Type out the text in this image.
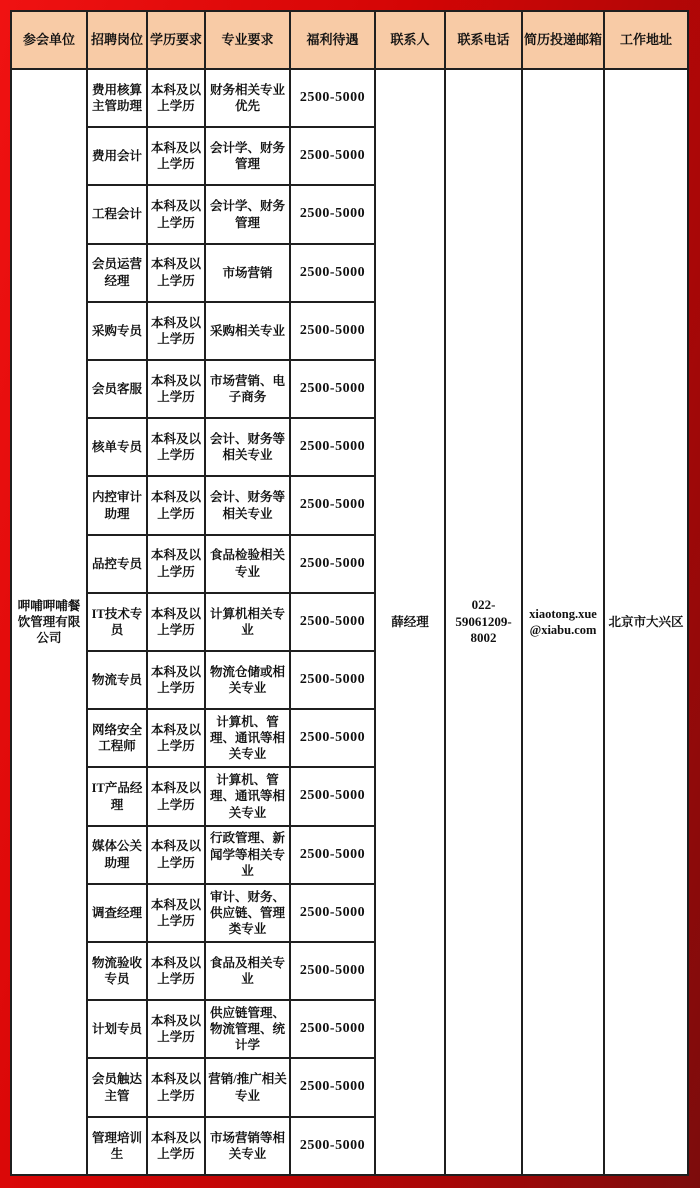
参会单位	招聘岗位	学历要求	专业要求	福利待遇	联系人	联系电话	简历投递邮箱	工作地址
呷哺呷哺餐饮管理有限公司	费用核算主管助理	本科及以上学历	财务相关专业优先	2500-5000	薛经理	022-59061209-8002	xiaotong.xue@xiabu.com	北京市大兴区
	费用会计	本科及以上学历	会计学、财务管理	2500-5000				
	工程会计	本科及以上学历	会计学、财务管理	2500-5000				
	会员运营经理	本科及以上学历	市场营销	2500-5000				
	采购专员	本科及以上学历	采购相关专业	2500-5000				
	会员客服	本科及以上学历	市场营销、电子商务	2500-5000				
	核单专员	本科及以上学历	会计、财务等相关专业	2500-5000				
	内控审计助理	本科及以上学历	会计、财务等相关专业	2500-5000				
	品控专员	本科及以上学历	食品检验相关专业	2500-5000				
	IT技术专员	本科及以上学历	计算机相关专业	2500-5000				
	物流专员	本科及以上学历	物流仓储或相关专业	2500-5000				
	网络安全工程师	本科及以上学历	计算机、管理、通讯等相关专业	2500-5000				
	IT产品经理	本科及以上学历	计算机、管理、通讯等相关专业	2500-5000				
	媒体公关助理	本科及以上学历	行政管理、新闻学等相关专业	2500-5000				
	调查经理	本科及以上学历	审计、财务、供应链、管理类专业	2500-5000				
	物流验收专员	本科及以上学历	食品及相关专业	2500-5000				
	计划专员	本科及以上学历	供应链管理、物流管理、统计学	2500-5000				
	会员触达主管	本科及以上学历	营销/推广相关专业	2500-5000				
	管理培训生	本科及以上学历	市场营销等相关专业	2500-5000				
